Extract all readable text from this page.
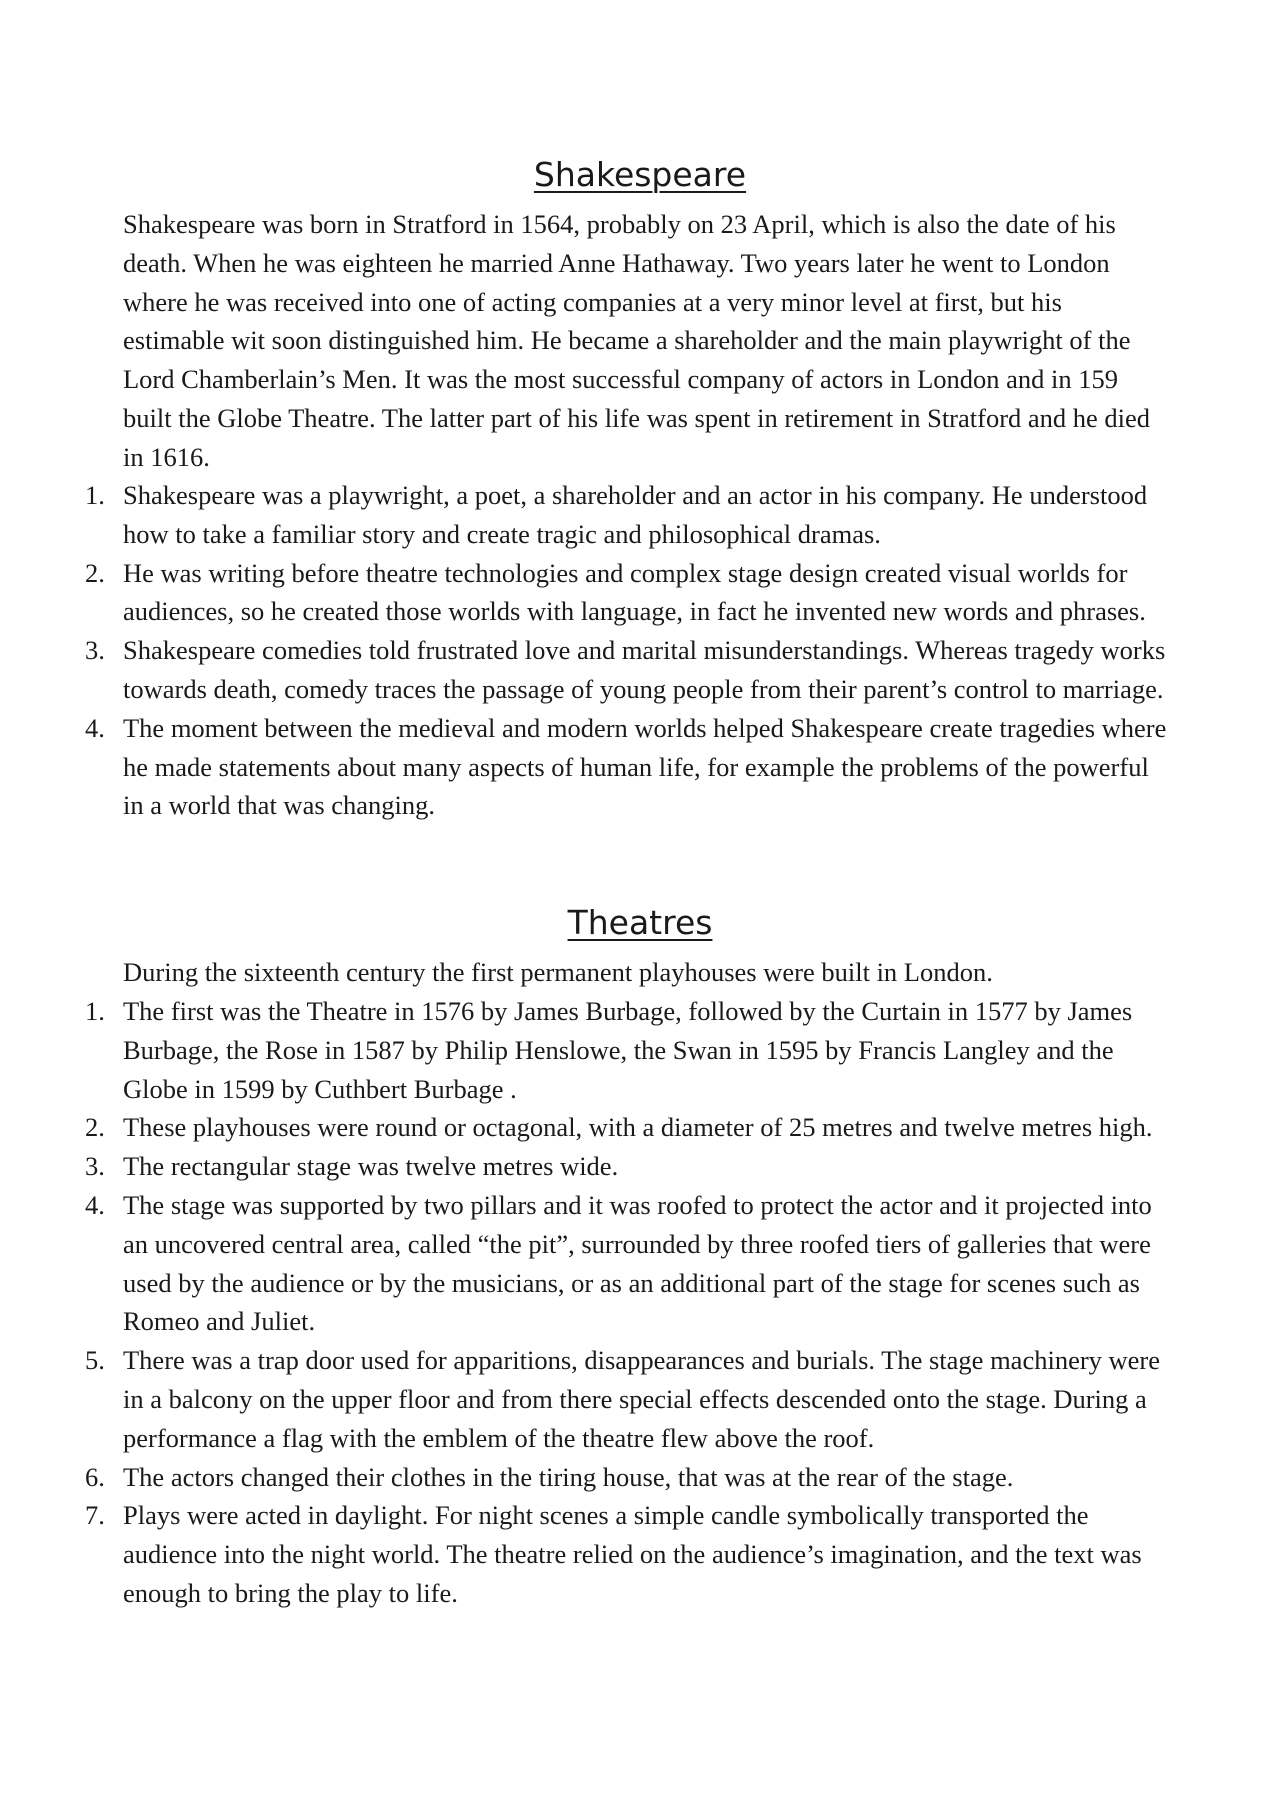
Shakespeare

Shakespeare was born in Stratford in 1564, probably on 23 April, which is also the date of his death. When he was eighteen he married Anne Hathaway. Two years later he went to London where he was received into one of acting companies at a very minor level at first, but his estimable wit soon distinguished him. He became a shareholder and the main playwright of the Lord Chamberlain’s Men. It was the most successful company of actors in London and in 159 built the Globe Theatre. The latter part of his life was spent in retirement in Stratford and he died in 1616.

1. Shakespeare was a playwright, a poet, a shareholder and an actor in his company. He understood how to take a familiar story and create tragic and philosophical dramas.
2. He was writing before theatre technologies and complex stage design created visual worlds for audiences, so he created those worlds with language, in fact he invented new words and phrases.
3. Shakespeare comedies told frustrated love and marital misunderstandings. Whereas tragedy works towards death, comedy traces the passage of young people from their parent’s control to marriage.
4. The moment between the medieval and modern worlds helped Shakespeare create tragedies where he made statements about many aspects of human life, for example the problems of the powerful in a world that was changing.
Theatres

During the sixteenth century the first permanent playhouses were built in London.

1. The first was the Theatre in 1576 by James Burbage, followed by the Curtain in 1577 by James Burbage, the Rose in 1587 by Philip Henslowe, the Swan in 1595 by Francis Langley and the Globe in 1599 by Cuthbert Burbage .
2. These playhouses were round or octagonal, with a diameter of 25 metres and twelve metres high.
3. The rectangular stage was twelve metres wide.
4. The stage was supported by two pillars and it was roofed to protect the actor and it projected into an uncovered central area, called “the pit”, surrounded by three roofed tiers of galleries that were used by the audience or by the musicians, or as an additional part of the stage for scenes such as Romeo and Juliet.
5. There was a trap door used for apparitions, disappearances and burials. The stage machinery were in a balcony on the upper floor and from there special effects descended onto the stage. During a performance a flag with the emblem of the theatre flew above the roof.
6. The actors changed their clothes in the tiring house, that was at the rear of the stage.
7. Plays were acted in daylight. For night scenes a simple candle symbolically transported the audience into the night world. The theatre relied on the audience’s imagination, and the text was enough to bring the play to life.
